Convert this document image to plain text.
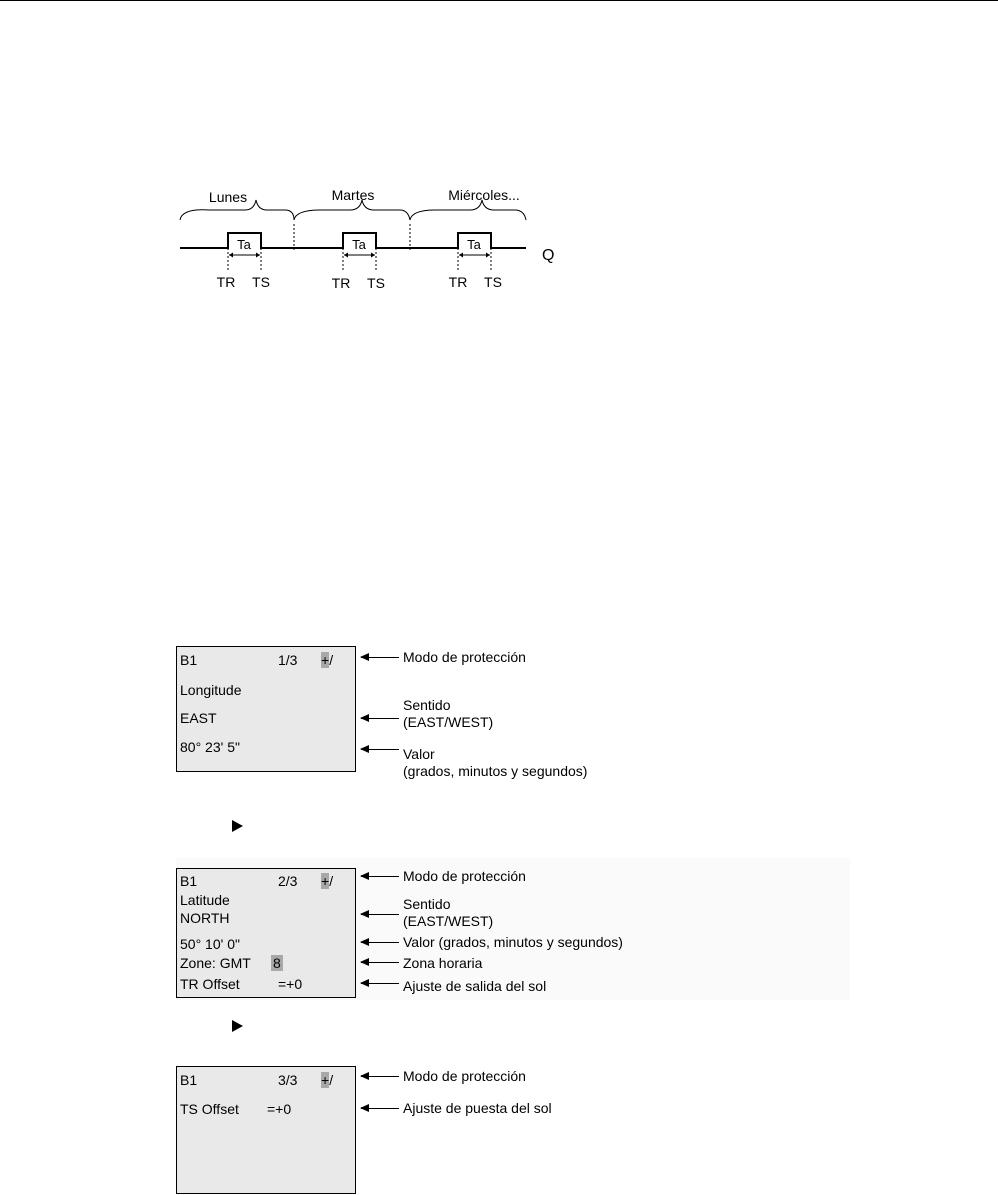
Lunes	Martes	Miércoles...
Q
Ta
TR TS
Ta
TR TS
Ta
TR TS
B1	1/3 +/
Longitude
EAST
80° 23' 5"
Modo de protección
Sentido
(EAST/WEST)
Valor
(grados, minutos y segundos)
B1	2/3 +/
Latitude
NORTH
50° 10' 0"
Zone: GMT 8
TR Offset	=+0
Modo de protección
Sentido
(EAST/WEST)
Valor (grados, minutos y segundos)
Zona horaria
Ajuste de salida del sol
B1	3/3 +/
TS Offset =+0
Modo de protección
Ajuste de puesta del sol
